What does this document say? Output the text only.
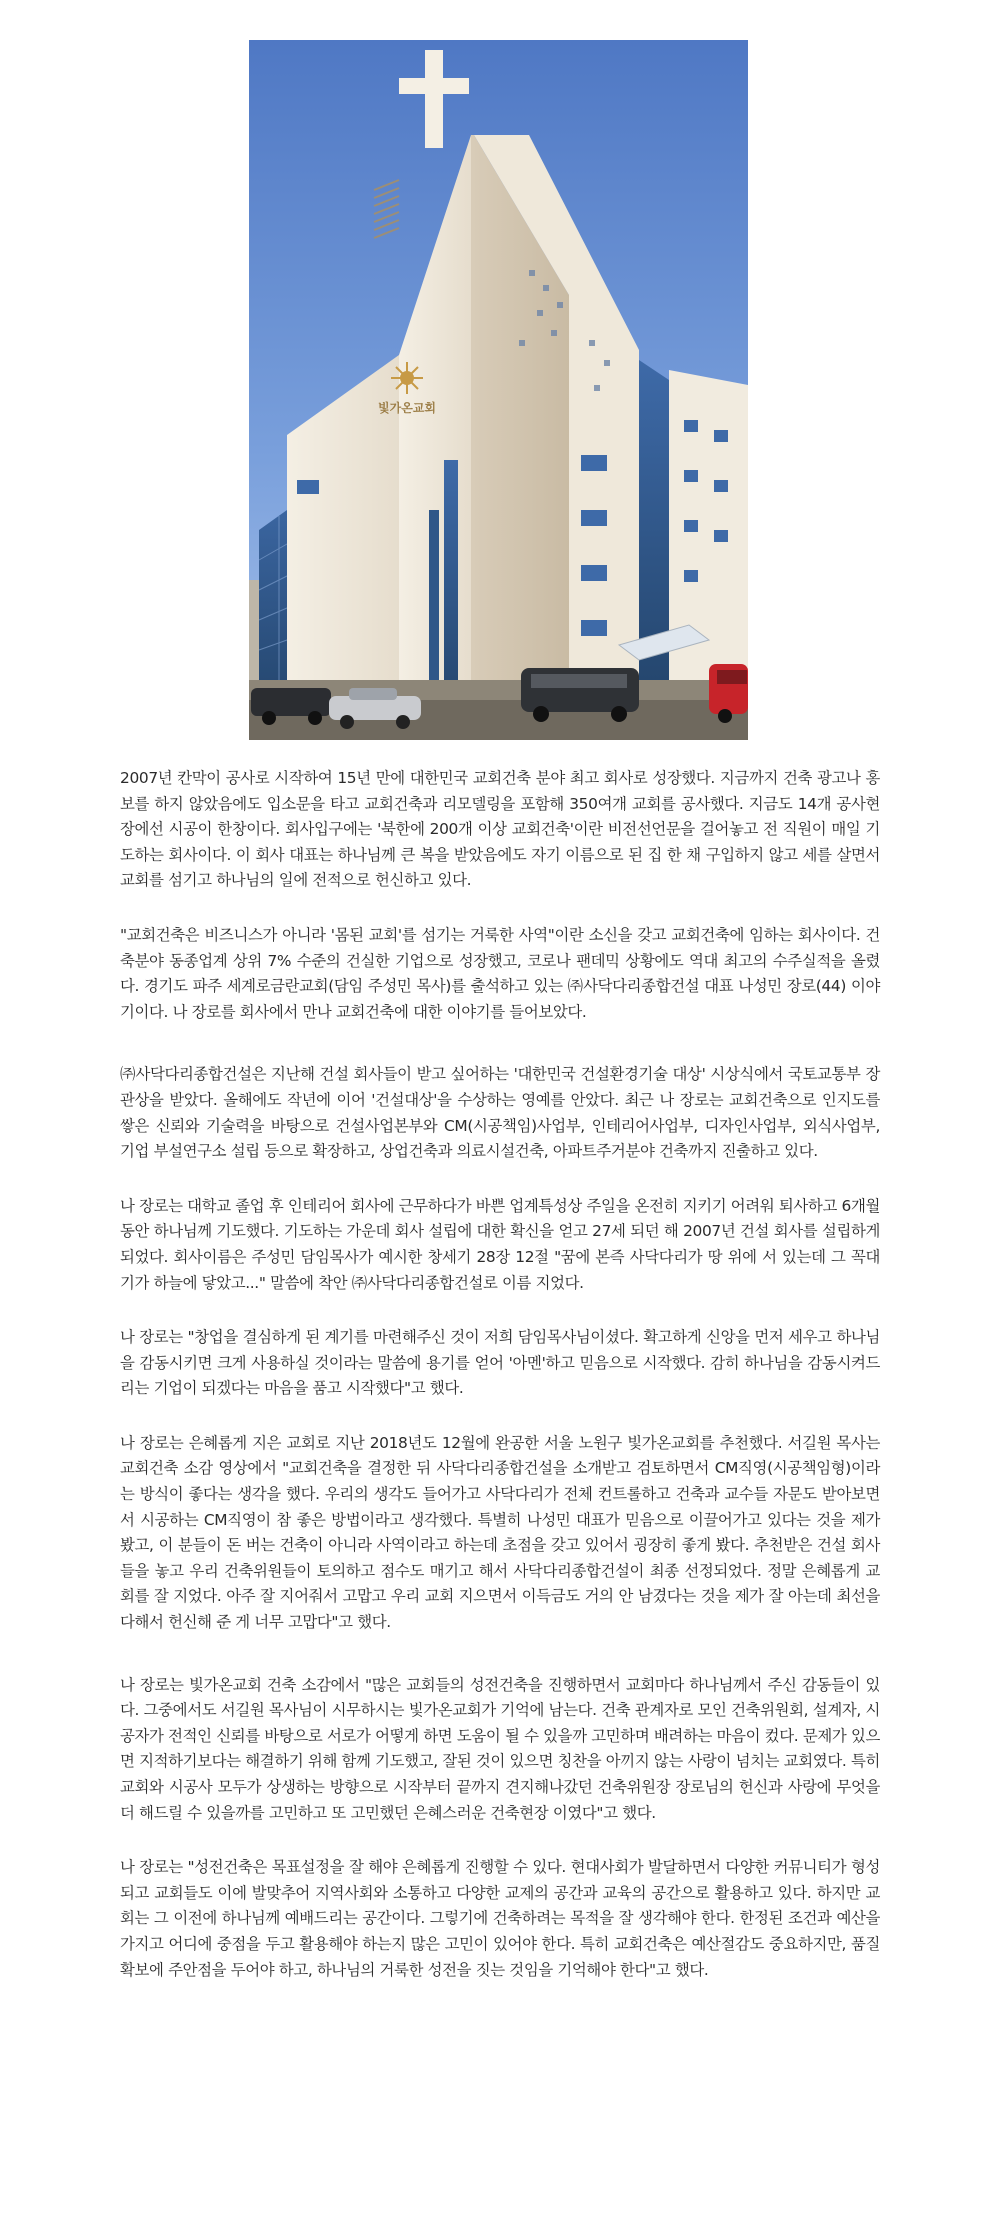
빛가온교회

2007년 칸막이 공사로 시작하여 15년 만에 대한민국 교회건축 분야 최고 회사로 성장했다. 지금까지 건축 광고나 홍보를 하지 않았음에도 입소문을 타고 교회건축과 리모델링을 포함해 350여개 교회를 공사했다. 지금도 14개 공사현장에선 시공이 한창이다. 회사입구에는 '북한에 200개 이상 교회건축'이란 비전선언문을 걸어놓고 전 직원이 매일 기도하는 회사이다. 이 회사 대표는 하나님께 큰 복을 받았음에도 자기 이름으로 된 집 한 채 구입하지 않고 세를 살면서 교회를 섬기고 하나님의 일에 전적으로 헌신하고 있다.

"교회건축은 비즈니스가 아니라 '몸된 교회'를 섬기는 거룩한 사역"이란 소신을 갖고 교회건축에 임하는 회사이다. 건축분야 동종업계 상위 7% 수준의 건실한 기업으로 성장했고, 코로나 팬데믹 상황에도 역대 최고의 수주실적을 올렸다. 경기도 파주 세계로금란교회(담임 주성민 목사)를 출석하고 있는 ㈜사닥다리종합건설 대표 나성민 장로(44) 이야기이다. 나 장로를 회사에서 만나 교회건축에 대한 이야기를 들어보았다.

㈜사닥다리종합건설은 지난해 건설 회사들이 받고 싶어하는 '대한민국 건설환경기술 대상' 시상식에서 국토교통부 장관상을 받았다. 올해에도 작년에 이어 '건설대상'을 수상하는 영예를 안았다. 최근 나 장로는 교회건축으로 인지도를 쌓은 신뢰와 기술력을 바탕으로 건설사업본부와 CM(시공책임)사업부, 인테리어사업부, 디자인사업부, 외식사업부, 기업 부설연구소 설립 등으로 확장하고, 상업건축과 의료시설건축, 아파트주거분야 건축까지 진출하고 있다.

나 장로는 대학교 졸업 후 인테리어 회사에 근무하다가 바쁜 업계특성상 주일을 온전히 지키기 어려워 퇴사하고 6개월 동안 하나님께 기도했다. 기도하는 가운데 회사 설립에 대한 확신을 얻고 27세 되던 해 2007년 건설 회사를 설립하게 되었다. 회사이름은 주성민 담임목사가 예시한 창세기 28장 12절 "꿈에 본즉 사닥다리가 땅 위에 서 있는데 그 꼭대기가 하늘에 닿았고..." 말씀에 착안 ㈜사닥다리종합건설로 이름 지었다.

나 장로는 "창업을 결심하게 된 계기를 마련해주신 것이 저희 담임목사님이셨다. 확고하게 신앙을 먼저 세우고 하나님을 감동시키면 크게 사용하실 것이라는 말씀에 용기를 얻어 '아멘'하고 믿음으로 시작했다. 감히 하나님을 감동시켜드리는 기업이 되겠다는 마음을 품고 시작했다"고 했다.

나 장로는 은혜롭게 지은 교회로 지난 2018년도 12월에 완공한 서울 노원구 빛가온교회를 추천했다. 서길원 목사는 교회건축 소감 영상에서 "교회건축을 결정한 뒤 사닥다리종합건설을 소개받고 검토하면서 CM직영(시공책임형)이라는 방식이 좋다는 생각을 했다. 우리의 생각도 들어가고 사닥다리가 전체 컨트롤하고 건축과 교수들 자문도 받아보면서 시공하는 CM직영이 참 좋은 방법이라고 생각했다. 특별히 나성민 대표가 믿음으로 이끌어가고 있다는 것을 제가 봤고, 이 분들이 돈 버는 건축이 아니라 사역이라고 하는데 초점을 갖고 있어서 굉장히 좋게 봤다. 추천받은 건설 회사들을 놓고 우리 건축위원들이 토의하고 점수도 매기고 해서 사닥다리종합건설이 최종 선정되었다. 정말 은혜롭게 교회를 잘 지었다. 아주 잘 지어줘서 고맙고 우리 교회 지으면서 이득금도 거의 안 남겼다는 것을 제가 잘 아는데 최선을 다해서 헌신해 준 게 너무 고맙다"고 했다.

나 장로는 빛가온교회 건축 소감에서 "많은 교회들의 성전건축을 진행하면서 교회마다 하나님께서 주신 감동들이 있다. 그중에서도 서길원 목사님이 시무하시는 빛가온교회가 기억에 남는다. 건축 관계자로 모인 건축위원회, 설계자, 시공자가 전적인 신뢰를 바탕으로 서로가 어떻게 하면 도움이 될 수 있을까 고민하며 배려하는 마음이 컸다. 문제가 있으면 지적하기보다는 해결하기 위해 함께 기도했고, 잘된 것이 있으면 칭찬을 아끼지 않는 사랑이 넘치는 교회였다. 특히 교회와 시공사 모두가 상생하는 방향으로 시작부터 끝까지 견지해나갔던 건축위원장 장로님의 헌신과 사랑에 무엇을 더 해드릴 수 있을까를 고민하고 또 고민했던 은혜스러운 건축현장 이였다"고 했다.

나 장로는 "성전건축은 목표설정을 잘 해야 은혜롭게 진행할 수 있다. 현대사회가 발달하면서 다양한 커뮤니티가 형성되고 교회들도 이에 발맞추어 지역사회와 소통하고 다양한 교제의 공간과 교육의 공간으로 활용하고 있다. 하지만 교회는 그 이전에 하나님께 예배드리는 공간이다. 그렇기에 건축하려는 목적을 잘 생각해야 한다. 한정된 조건과 예산을 가지고 어디에 중점을 두고 활용해야 하는지 많은 고민이 있어야 한다. 특히 교회건축은 예산절감도 중요하지만, 품질확보에 주안점을 두어야 하고, 하나님의 거룩한 성전을 짓는 것임을 기억해야 한다"고 했다.
